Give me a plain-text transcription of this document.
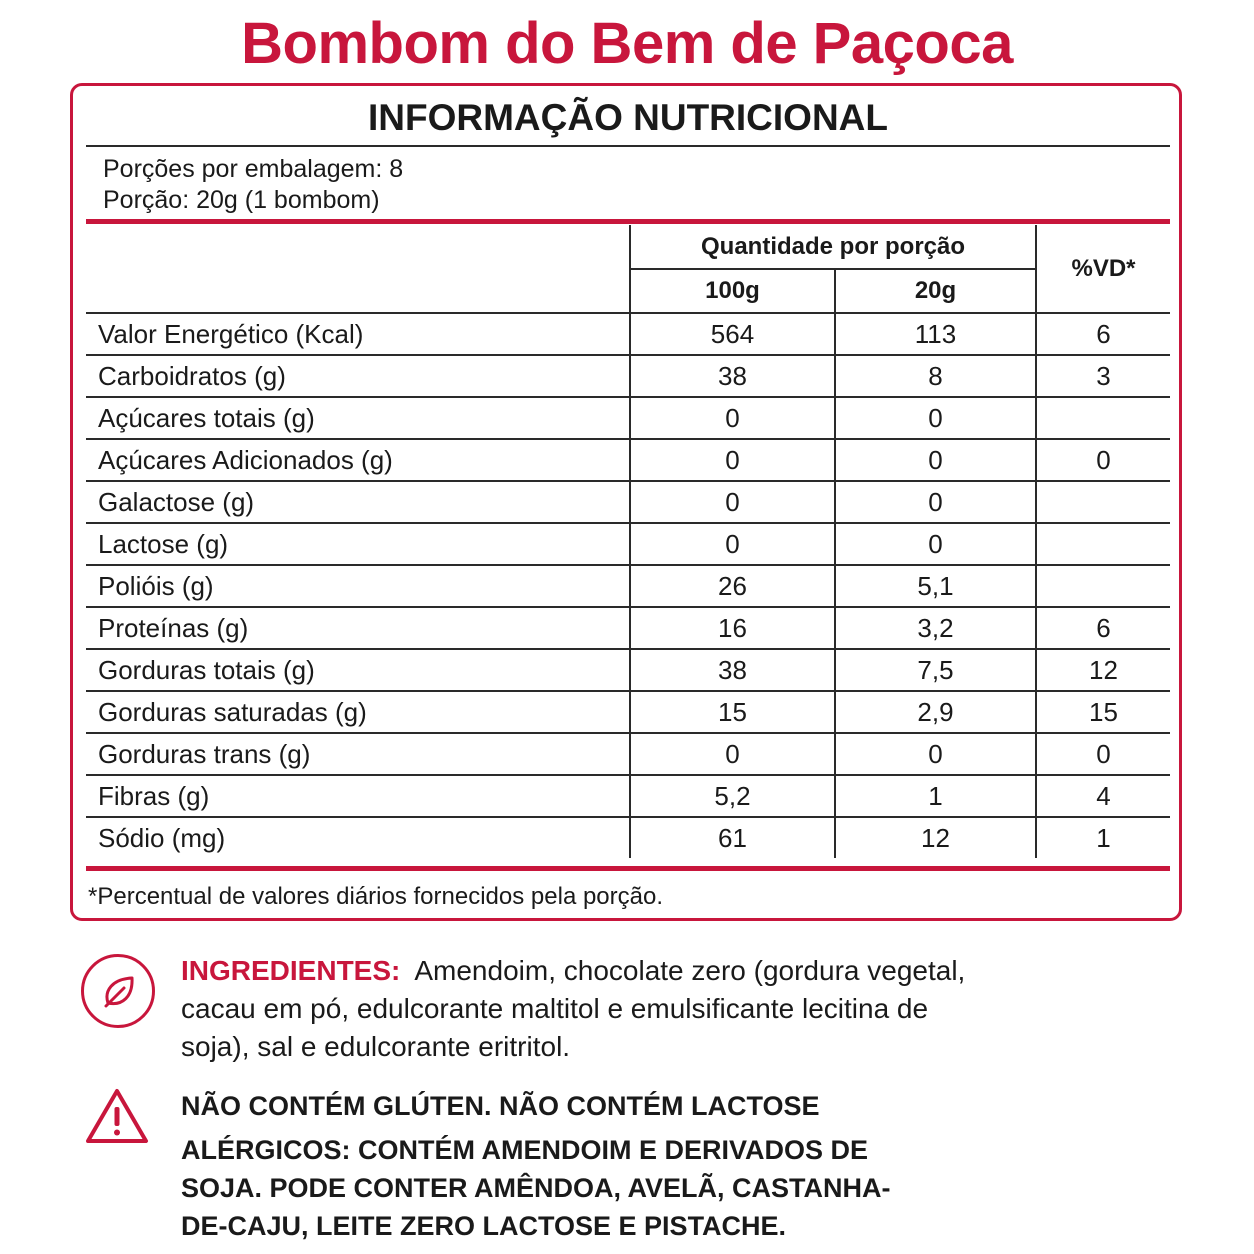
Bombom do Bem de Paçoca
INFORMAÇÃO NUTRICIONAL
Porções por embalagem: 8
Porção: 20g (1 bombom)
	Quantidade por porção		%VD*
	100g	20g	
Valor Energético (Kcal)	564	113	6
Carboidratos (g)	38	8	3
Açúcares totais (g)	0	0	
Açúcares Adicionados (g)	0	0	0
Galactose (g)	0	0	
Lactose (g)	0	0	
Polióis (g)	26	5,1	
Proteínas (g)	16	3,2	6
Gorduras totais (g)	38	7,5	12
Gorduras saturadas (g)	15	2,9	15
Gorduras trans (g)	0	0	0
Fibras (g)	5,2	1	4
Sódio (mg)	61	12	1
*Percentual de valores diários fornecidos pela porção.
INGREDIENTES: Amendoim, chocolate zero (gordura vegetal, cacau em pó, edulcorante maltitol e emulsificante lecitina de soja), sal e edulcorante eritritol.
NÃO CONTÉM GLÚTEN. NÃO CONTÉM LACTOSE
ALÉRGICOS: CONTÉM AMENDOIM E DERIVADOS DE
SOJA. PODE CONTER AMÊNDOA, AVELÃ, CASTANHA-
DE-CAJU, LEITE ZERO LACTOSE E PISTACHE.
